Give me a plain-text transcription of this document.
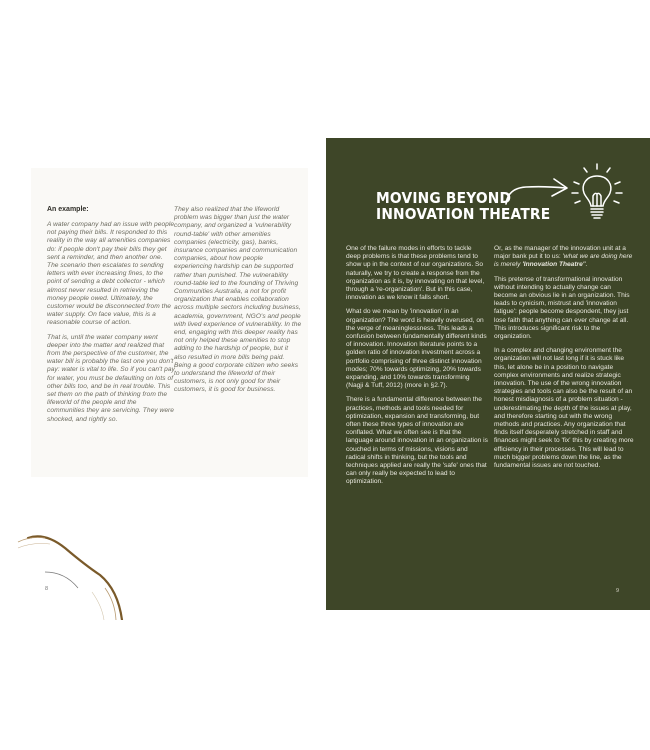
An example:

A water company had an issue with people not paying their bills. It responded to this reality in the way all amenities companies do: if people don't pay their bills they get sent a reminder, and then another one. The scenario then escalates to sending letters with ever increasing fines, to the point of sending a debt collector - which almost never resulted in retrieving the money people owed. Ultimately, the customer would be disconnected from the water supply. On face value, this is a reasonable course of action.

That is, until the water company went deeper into the matter and realized that from the perspective of the customer, the water bill is probably the last one you don't pay: water is vital to life. So if you can't pay for water, you must be defaulting on lots of other bills too, and be in real trouble. This set them on the path of thinking from the lifeworld of the people and the communities they are servicing. They were shocked, and rightly so.

They also realized that the lifeworld problem was bigger than just the water company, and organized a 'vulnerability round-table' with other amenities companies (electricity, gas), banks, insurance companies and communication companies, about how people experiencing hardship can be supported rather than punished. The vulnerability round-table led to the founding of Thriving Communities Australia, a not for profit organization that enables collaboration across multiple sectors including business, academia, government, NGO's and people with lived experience of vulnerability. In the end, engaging with this deeper reality has not only helped these amenities to stop adding to the hardship of people, but it also resulted in more bills being paid. Being a good corporate citizen who seeks to understand the lifeworld of their customers, is not only good for their customers, it is good for business.

8
MOVING BEYOND
INNOVATION THEATRE

One of the failure modes in efforts to tackle deep problems is that these problems tend to show up in the context of our organizations. So naturally, we try to create a response from the organization as it is, by innovating on that level, through a 're-organization'. But in this case, innovation as we know it falls short.

What do we mean by 'innovation' in an organization? The word is heavily overused, on the verge of meaninglessness. This leads a confusion between fundamentally different kinds of innovation. Innovation literature points to a golden ratio of innovation investment across a portfolio comprising of three distinct innovation modes; 70% towards optimizing, 20% towards expanding, and 10% towards transforming (Nagji & Tuff, 2012) (more in §2.7).

There is a fundamental difference between the practices, methods and tools needed for optimization, expansion and transforming, but often these three types of innovation are conflated. What we often see is that the language around innovation in an organization is couched in terms of missions, visions and radical shifts in thinking, but the tools and techniques applied are really the 'safe' ones that can only really be expected to lead to optimization.

Or, as the manager of the innovation unit at a major bank put it to us: 'what we are doing here is merely 'Innovation Theatre''.

This pretense of transformational innovation without intending to actually change can become an obvious lie in an organization. This leads to cynicism, mistrust and 'innovation fatigue': people become despondent, they just lose faith that anything can ever change at all. This introduces significant risk to the organization.

In a complex and changing environment the organization will not last long if it is stuck like this, let alone be in a position to navigate complex environments and realize strategic innovation. The use of the wrong innovation strategies and tools can also be the result of an honest misdiagnosis of a problem situation - underestimating the depth of the issues at play, and therefore starting out with the wrong methods and practices. Any organization that finds itself desperately stretched in staff and finances might seek to 'fix' this by creating more efficiency in their processes. This will lead to much bigger problems down the line, as the fundamental issues are not touched.

9
